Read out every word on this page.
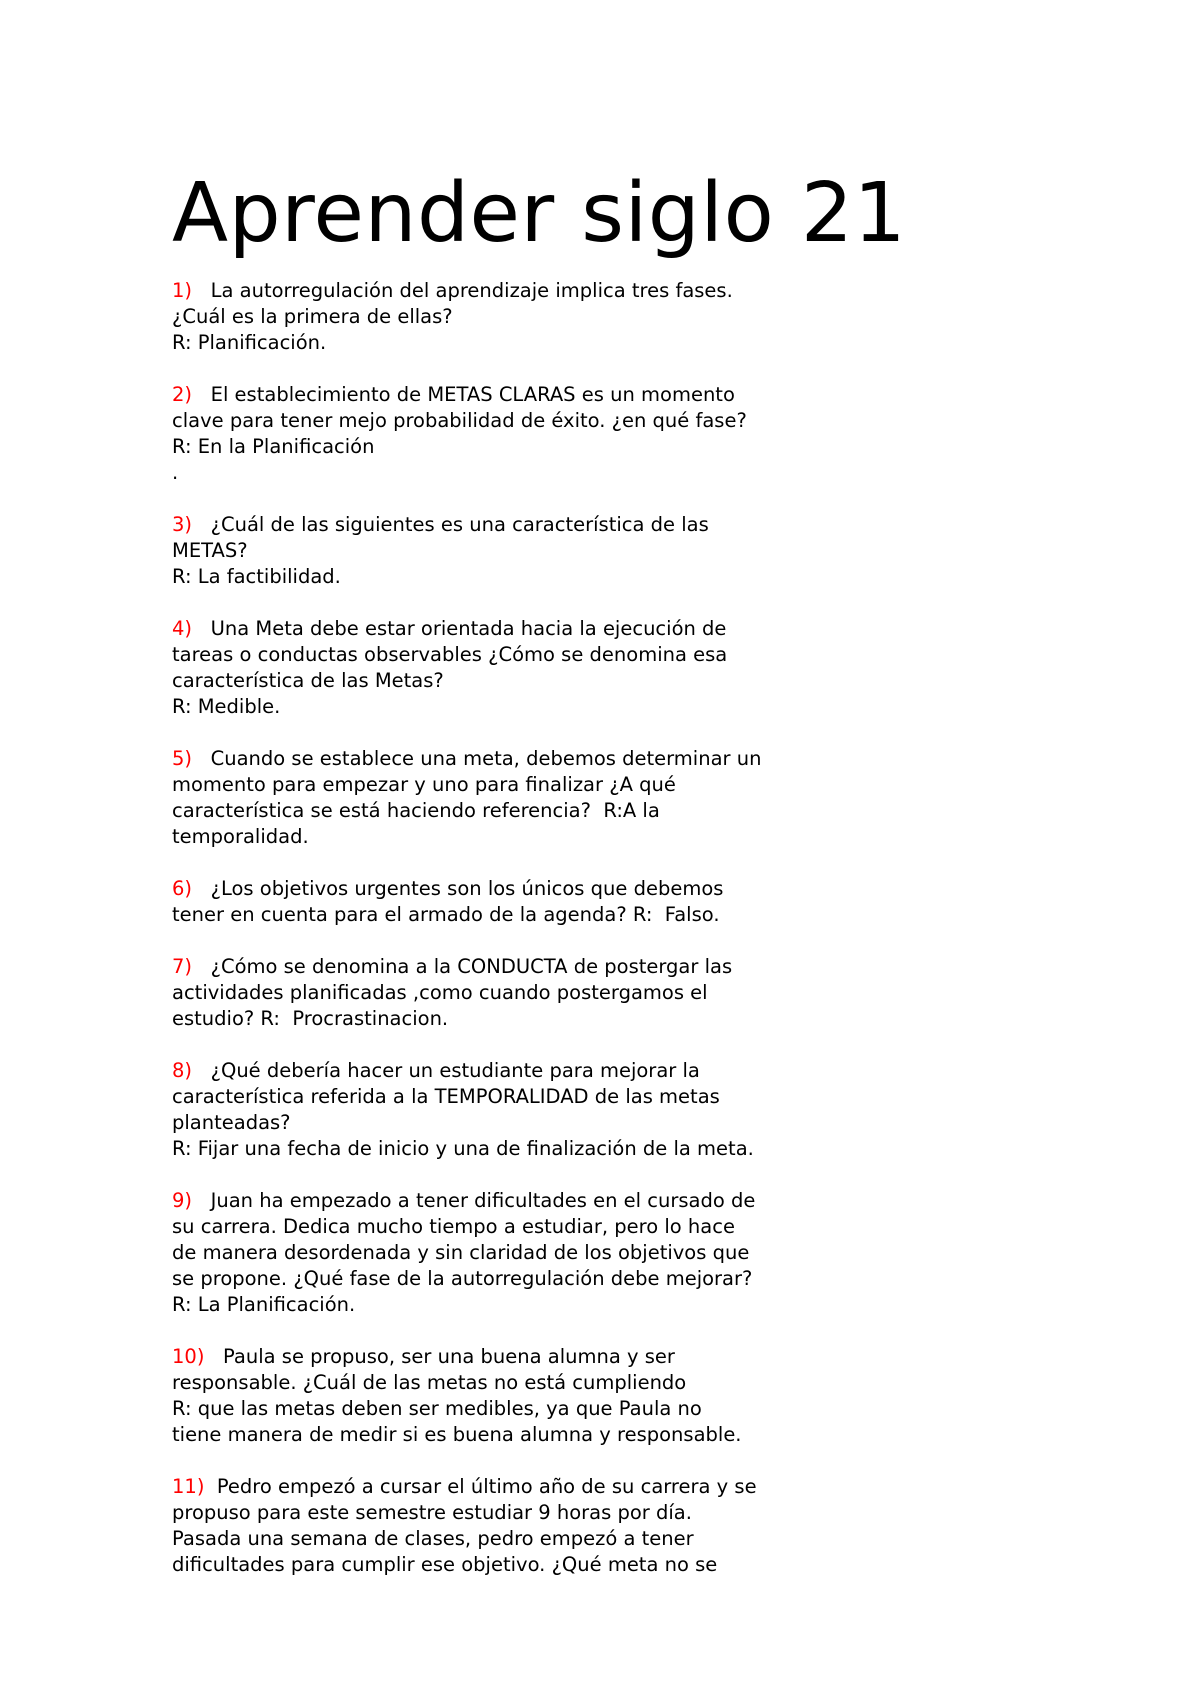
Aprender siglo 21
1) La autorregulación del aprendizaje implica tres fases.
¿Cuál es la primera de ellas?
R: Planificación.
2) El establecimiento de METAS CLARAS es un momento
clave para tener mejo probabilidad de éxito. ¿en qué fase?
R: En la Planificación
.
3) ¿Cuál de las siguientes es una característica de las
METAS?
R: La factibilidad.
4) Una Meta debe estar orientada hacia la ejecución de
tareas o conductas observables ¿Cómo se denomina esa
característica de las Metas?
R: Medible.
5) Cuando se establece una meta, debemos determinar un
momento para empezar y uno para finalizar ¿A qué
característica se está haciendo referencia?  R:A la
temporalidad.
6) ¿Los objetivos urgentes son los únicos que debemos
tener en cuenta para el armado de la agenda? R:  Falso.
7) ¿Cómo se denomina a la CONDUCTA de postergar las
actividades planificadas ,como cuando postergamos el
estudio? R:  Procrastinacion.
8) ¿Qué debería hacer un estudiante para mejorar la
característica referida a la TEMPORALIDAD de las metas
planteadas?
R: Fijar una fecha de inicio y una de finalización de la meta.
9) Juan ha empezado a tener dificultades en el cursado de
su carrera. Dedica mucho tiempo a estudiar, pero lo hace
de manera desordenada y sin claridad de los objetivos que
se propone. ¿Qué fase de la autorregulación debe mejorar?
R: La Planificación.
10) Paula se propuso, ser una buena alumna y ser
responsable. ¿Cuál de las metas no está cumpliendo
R: que las metas deben ser medibles, ya que Paula no
tiene manera de medir si es buena alumna y responsable.
11) Pedro empezó a cursar el último año de su carrera y se
propuso para este semestre estudiar 9 horas por día.
Pasada una semana de clases, pedro empezó a tener
dificultades para cumplir ese objetivo. ¿Qué meta no se
